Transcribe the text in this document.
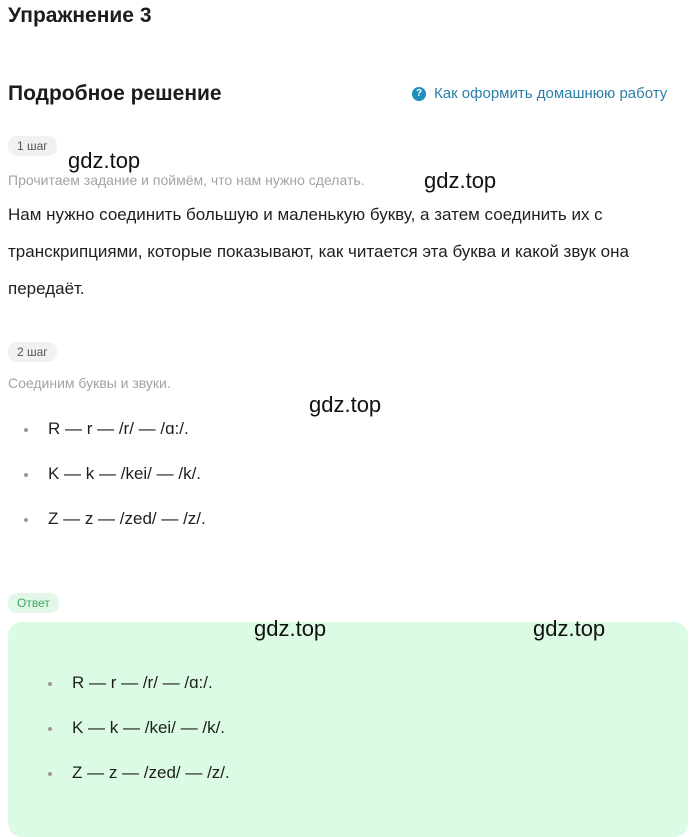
Упражнение 3
Подробное решение	? Как оформить домашнюю работу
1 шаг
Прочитаем задание и поймём, что нам нужно сделать.
Нам нужно соединить большую и маленькую букву, а затем соединить их с транскрипциями, которые показывают, как читается эта буква и какой звук она передаёт.
2 шаг
Соединим буквы и звуки.
R — r — /r/ — /ɑ:/.
K — k — /kei/ — /k/.
Z — z — /zed/ — /z/.
Ответ
R — r — /r/ — /ɑ:/.
K — k — /kei/ — /k/.
Z — z — /zed/ — /z/.
gdz.top
gdz.top
gdz.top
gdz.top	gdz.top
